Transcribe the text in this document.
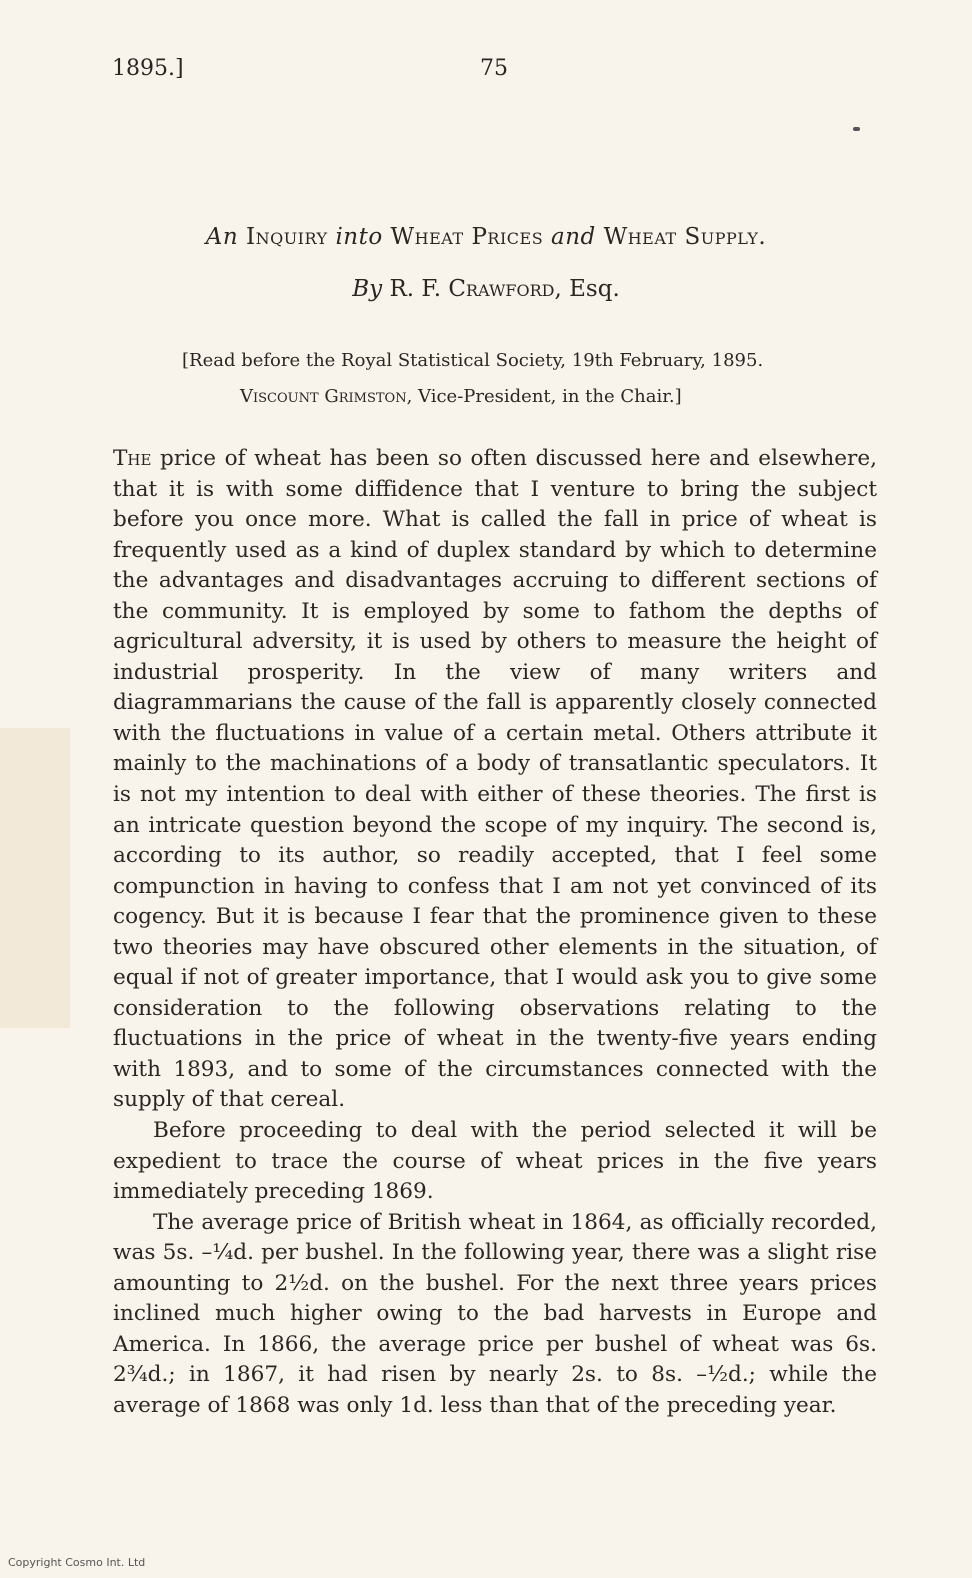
1895.]	75
An Inquiry into Wheat Prices and Wheat Supply.
By R. F. Crawford, Esq.
[Read before the Royal Statistical Society, 19th February, 1895.
Viscount Grimston, Vice-President, in the Chair.]

The price of wheat has been so often discussed here and elsewhere, that it is with some diffidence that I venture to bring the subject before you once more. What is called the fall in price of wheat is frequently used as a kind of duplex standard by which to determine the advantages and disadvantages accruing to different sections of the community. It is employed by some to fathom the depths of agricultural adversity, it is used by others to measure the height of industrial prosperity. In the view of many writers and diagrammarians the cause of the fall is apparently closely connected with the fluctuations in value of a certain metal. Others attribute it mainly to the machinations of a body of transatlantic speculators. It is not my intention to deal with either of these theories. The first is an intricate question beyond the scope of my inquiry. The second is, according to its author, so readily accepted, that I feel some compunction in having to confess that I am not yet convinced of its cogency. But it is because I fear that the prominence given to these two theories may have obscured other elements in the situation, of equal if not of greater importance, that I would ask you to give some consideration to the following observations relating to the fluctuations in the price of wheat in the twenty-five years ending with 1893, and to some of the circumstances connected with the supply of that cereal.

Before proceeding to deal with the period selected it will be expedient to trace the course of wheat prices in the five years immediately preceding 1869.

The average price of British wheat in 1864, as officially recorded, was 5s. –¼d. per bushel. In the following year, there was a slight rise amounting to 2½d. on the bushel. For the next three years prices inclined much higher owing to the bad harvests in Europe and America. In 1866, the average price per bushel of wheat was 6s. 2¾d.; in 1867, it had risen by nearly 2s. to 8s. –½d.; while the average of 1868 was only 1d. less than that of the preceding year.

Copyright Cosmo Int. Ltd
